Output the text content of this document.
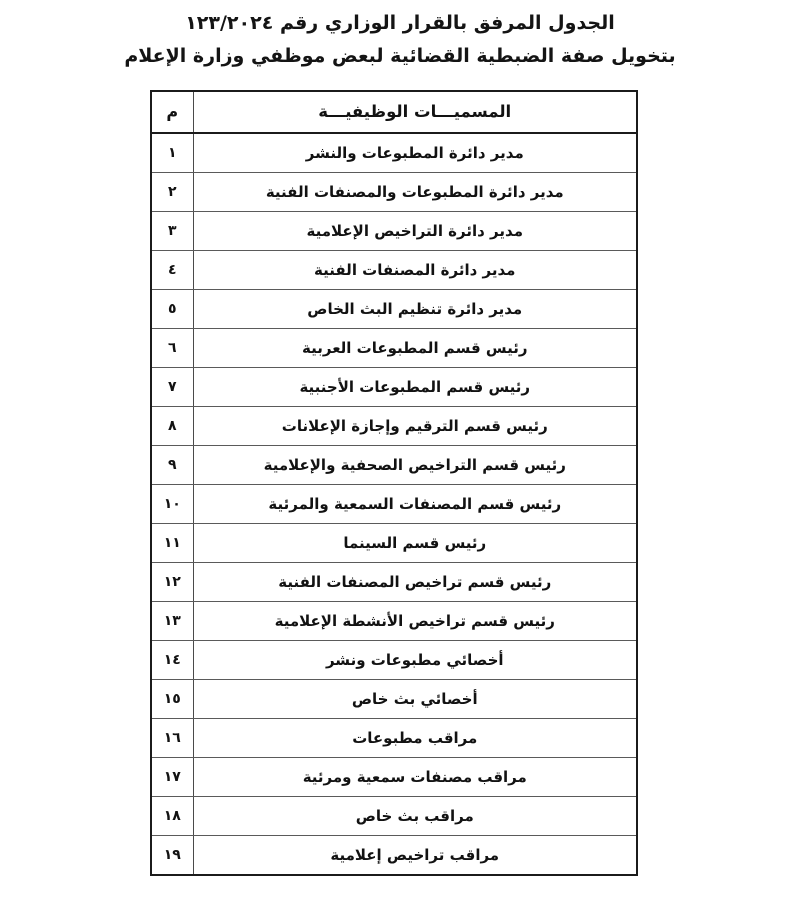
الجدول المرفق بالقرار الوزاري رقم ١٢٣/٢٠٢٤
بتخويل صفة الضبطية القضائية لبعض موظفي وزارة الإعلام
المسميـــات الوظيفيـــة	م

مدير دائرة المطبوعات والنشر	١

مدير دائرة المطبوعات والمصنفات الفنية	٢

مدير دائرة التراخيص الإعلامية	٣

مدير دائرة المصنفات الفنية	٤

مدير دائرة تنظيم البث الخاص	٥

رئيس قسم المطبوعات العربية	٦

رئيس قسم المطبوعات الأجنبية	٧

رئيس قسم الترقيم وإجازة الإعلانات	٨

رئيس قسم التراخيص الصحفية والإعلامية	٩

رئيس قسم المصنفات السمعية والمرئية	١٠

رئيس قسم السينما	١١

رئيس قسم تراخيص المصنفات الفنية	١٢

رئيس قسم تراخيص الأنشطة الإعلامية	١٣

أخصائي مطبوعات ونشر	١٤

أخصائي بث خاص	١٥

مراقب مطبوعات	١٦

مراقب مصنفات سمعية ومرئية	١٧

مراقب بث خاص	١٨

مراقب تراخيص إعلامية	١٩
